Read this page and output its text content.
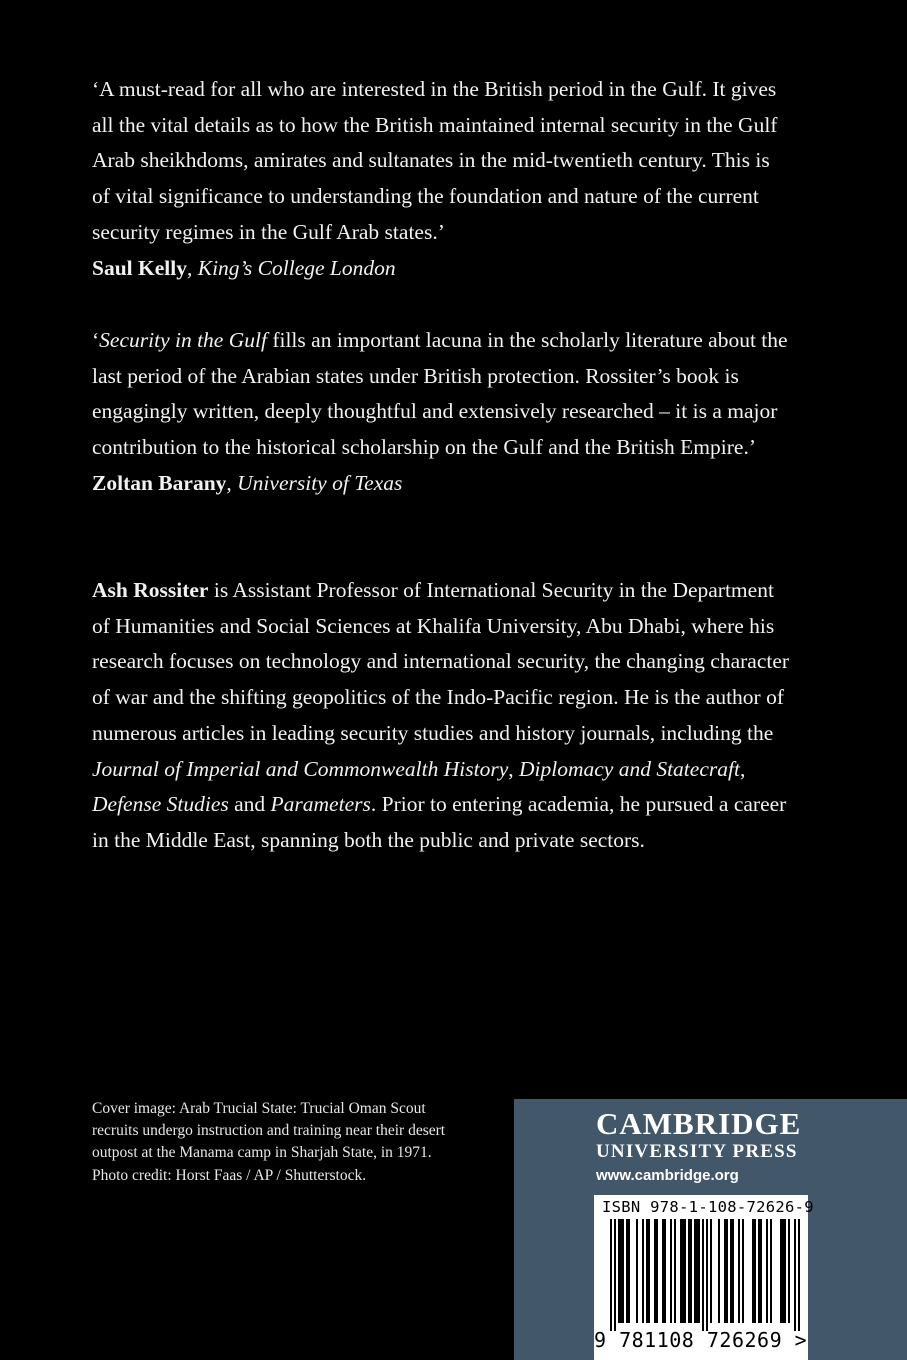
‘A must-read for all who are interested in the British period in the Gulf. It gives all the vital details as to how the British maintained internal security in the Gulf Arab sheikhdoms, amirates and sultanates in the mid-twentieth century. This is of vital significance to understanding the foundation and nature of the current security regimes in the Gulf Arab states.’

Saul Kelly, King’s College London

‘Security in the Gulf fills an important lacuna in the scholarly literature about the last period of the Arabian states under British protection. Rossiter’s book is engagingly written, deeply thoughtful and extensively researched – it is a major contribution to the historical scholarship on the Gulf and the British Empire.’

Zoltan Barany, University of Texas

Ash Rossiter is Assistant Professor of International Security in the Department of Humanities and Social Sciences at Khalifa University, Abu Dhabi, where his research focuses on technology and international security, the changing character of war and the shifting geopolitics of the Indo-Pacific region. He is the author of numerous articles in leading security studies and history journals, including the Journal of Imperial and Commonwealth History, Diplomacy and Statecraft, Defense Studies and Parameters. Prior to entering academia, he pursued a career in the Middle East, spanning both the public and private sectors.

Cover image: Arab Trucial State: Trucial Oman Scout recruits undergo instruction and training near their desert outpost at the Manama camp in Sharjah State, in 1971.

Photo credit: Horst Faas / AP / Shutterstock.

CAMBRIDGE
UNIVERSITY PRESS
www.cambridge.org
ISBN 978-1-108-72626-9
9 781108 726269 >
